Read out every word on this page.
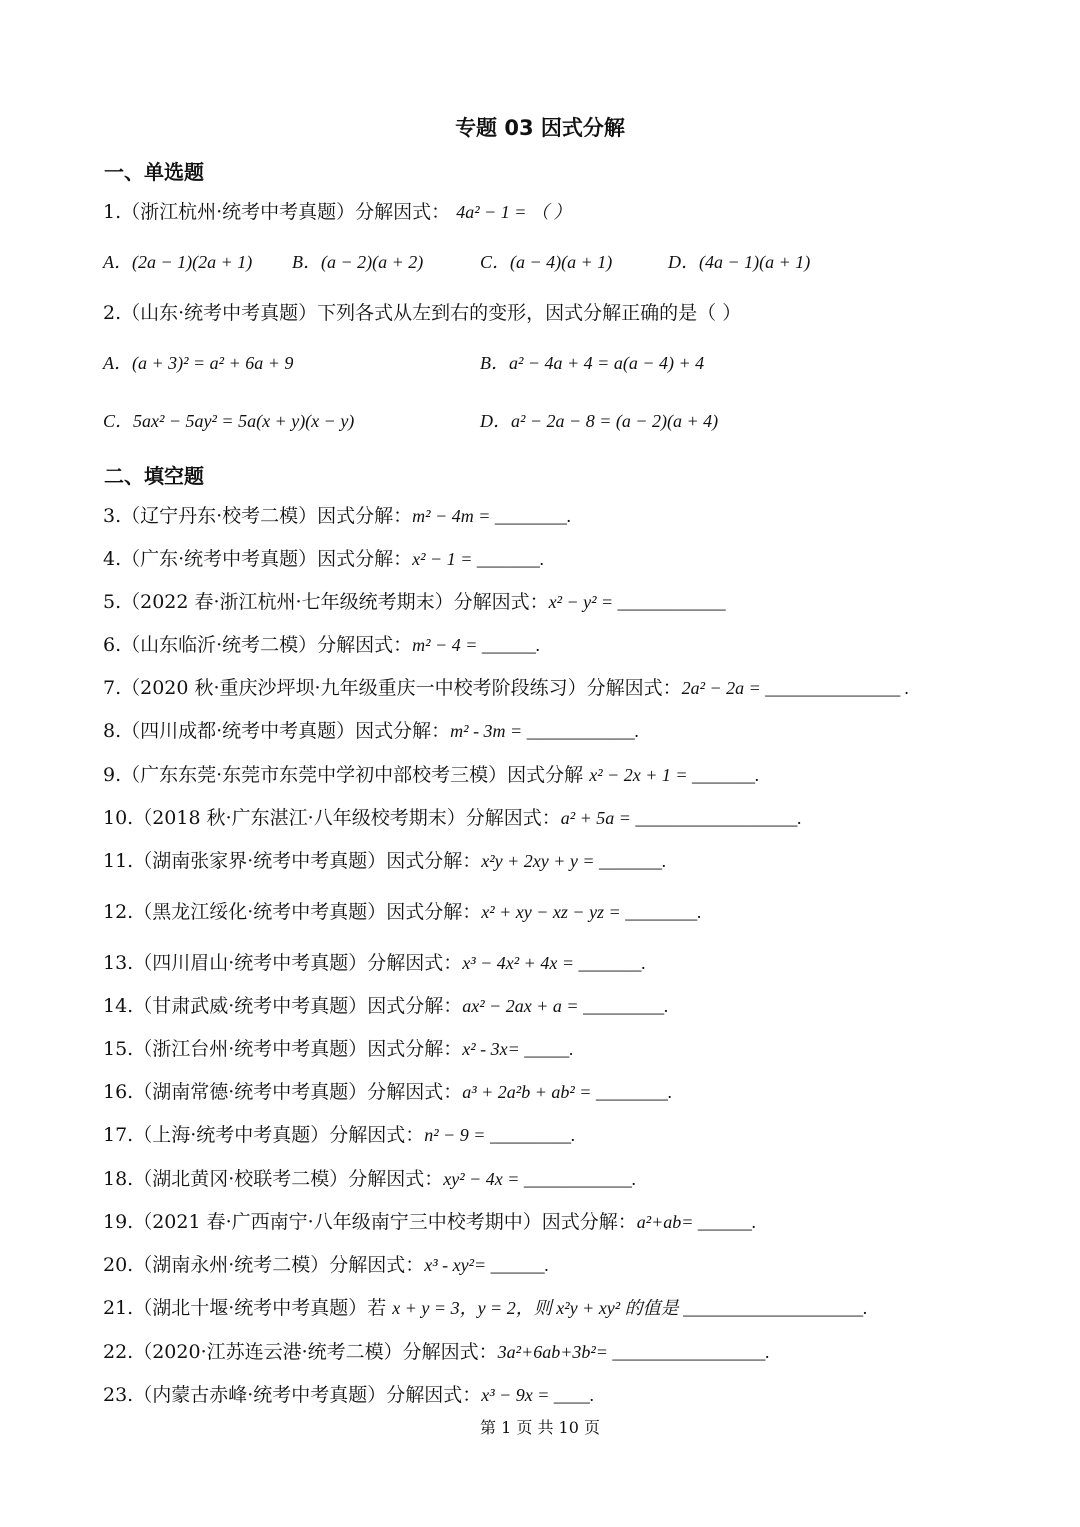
专题 03 因式分解
一、单选题
1.（浙江杭州·统考中考真题）分解因式： 4a² − 1 = （ ）
A．(2a − 1)(2a + 1) B．(a − 2)(a + 2)	C．(a − 4)(a + 1)	D．(4a − 1)(a + 1)
2.（山东·统考中考真题）下列各式从左到右的变形，因式分解正确的是（ ）
A．(a + 3)² = a² + 6a + 9	B．a² − 4a + 4 = a(a − 4) + 4
C．5ax² − 5ay² = 5a(x + y)(x − y)	D．a² − 2a − 8 = (a − 2)(a + 4)
二、填空题
3.（辽宁丹东·校考二模）因式分解：m² − 4m = ________.
4.（广东·统考中考真题）因式分解：x² − 1 = _______.
5.（2022 春·浙江杭州·七年级统考期末）分解因式：x² − y² = ____________
6.（山东临沂·统考二模）分解因式：m² − 4 = ______.
7.（2020 秋·重庆沙坪坝·九年级重庆一中校考阶段练习）分解因式：2a² − 2a = _______________ .
8.（四川成都·统考中考真题）因式分解：m² - 3m = ____________.
9.（广东东莞·东莞市东莞中学初中部校考三模）因式分解 x² − 2x + 1 = _______.
10.（2018 秋·广东湛江·八年级校考期末）分解因式：a² + 5a = __________________.
11.（湖南张家界·统考中考真题）因式分解：x²y + 2xy + y = _______.
12.（黑龙江绥化·统考中考真题）因式分解：x² + xy − xz − yz = ________.
13.（四川眉山·统考中考真题）分解因式：x³ − 4x² + 4x = _______.
14.（甘肃武威·统考中考真题）因式分解：ax² − 2ax + a = _________.
15.（浙江台州·统考中考真题）因式分解：x² - 3x= _____.
16.（湖南常德·统考中考真题）分解因式：a³ + 2a²b + ab² = ________.
17.（上海·统考中考真题）分解因式：n² − 9 = _________.
18.（湖北黄冈·校联考二模）分解因式：xy² − 4x = ____________.
19.（2021 春·广西南宁·八年级南宁三中校考期中）因式分解：a²+ab= ______.
20.（湖南永州·统考二模）分解因式：x³ - xy²= ______.
21.（湖北十堰·统考中考真题）若 x + y = 3，y = 2，则 x²y + xy² 的值是 ____________________.
22.（2020·江苏连云港·统考二模）分解因式：3a²+6ab+3b²= _________________.
23.（内蒙古赤峰·统考中考真题）分解因式：x³ − 9x = ____.
第 1 页 共 10 页
